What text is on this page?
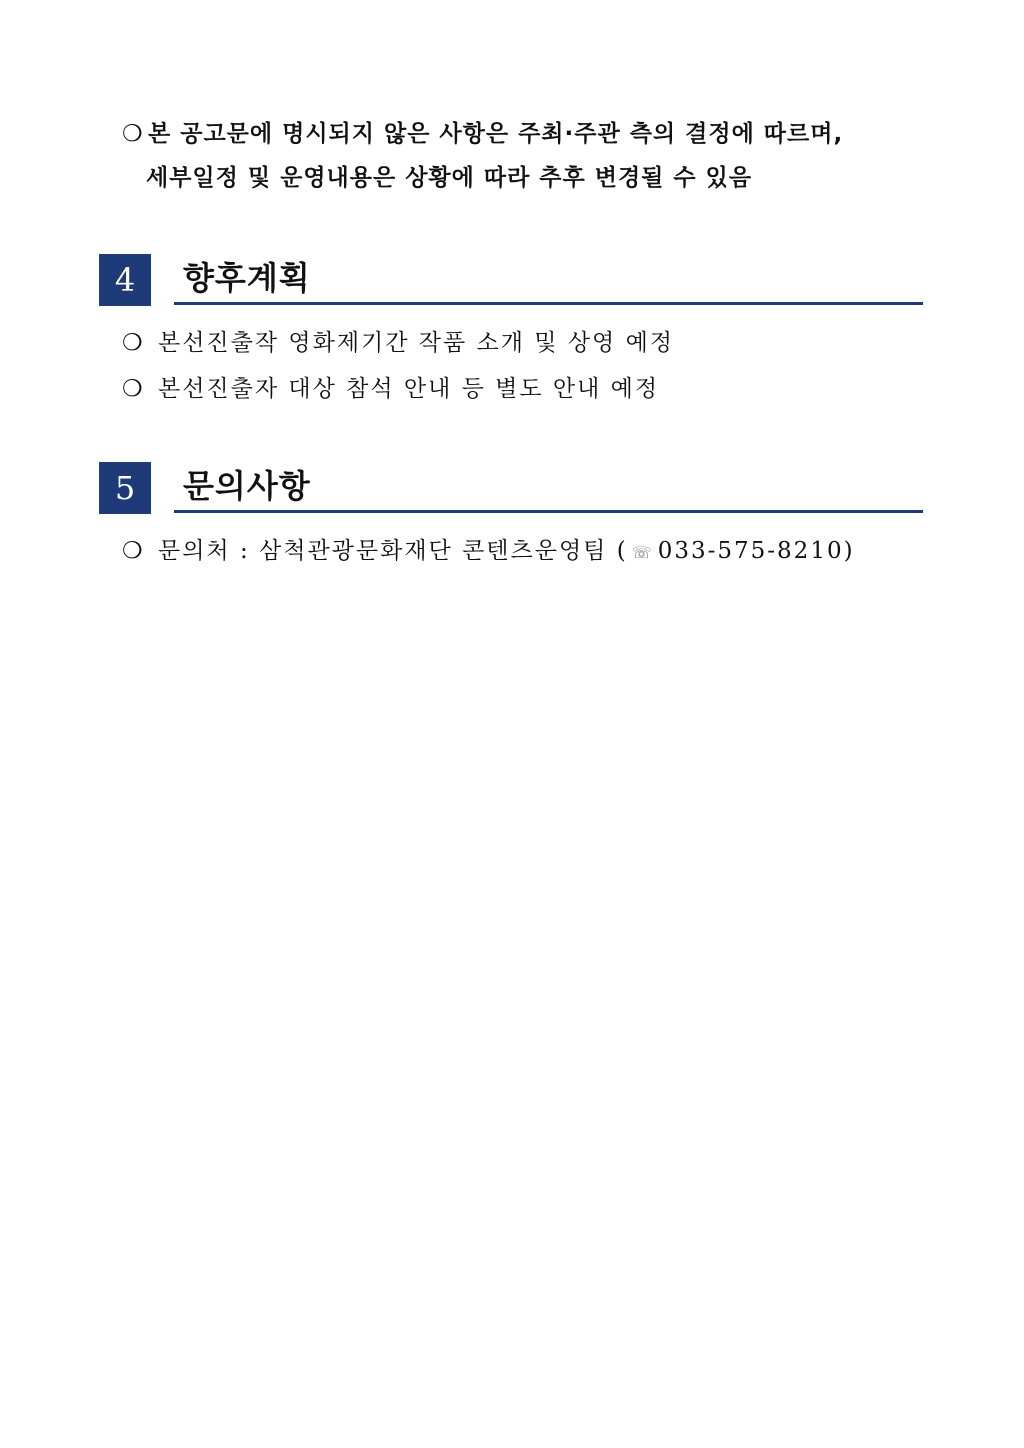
❍ 본 공고문에 명시되지 않은 사항은 주최·주관 측의 결정에 따르며,
세부일정 및 운영내용은 상황에 따라 추후 변경될 수 있음
4	향후계획
❍ 본선진출작 영화제기간 작품 소개 및 상영 예정
❍ 본선진출자 대상 참석 안내 등 별도 안내 예정
5	문의사항
❍ 문의처 : 삼척관광문화재단 콘텐츠운영팀 ( ☏ 033-575-8210)
